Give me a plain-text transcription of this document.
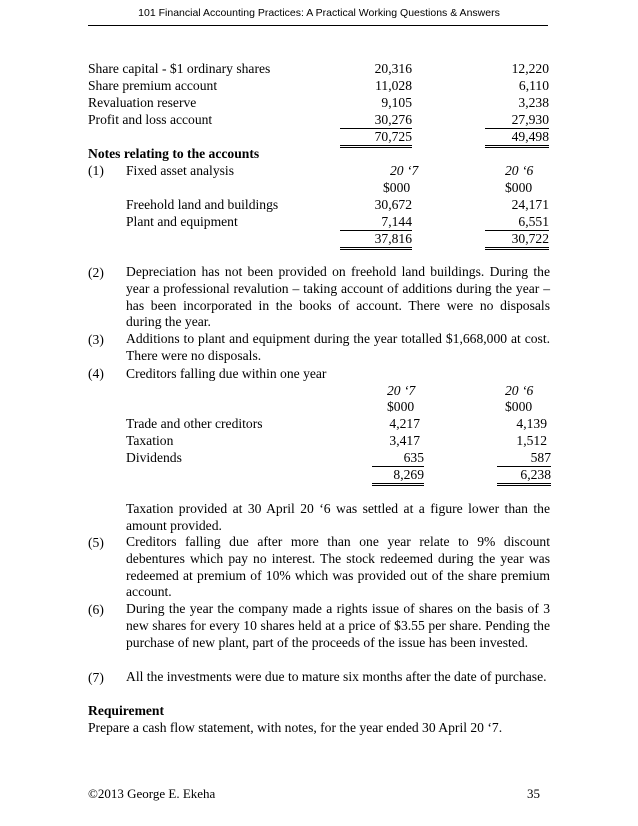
101 Financial Accounting Practices: A Practical Working Questions & Answers
Share capital - $1 ordinary shares	20,316	12,220
Share premium account	11,028	6,110
Revaluation reserve	9,105	3,238
Profit and loss account	30,276	27,930
70,725	49,498
Notes relating to the accounts
(1) Fixed asset analysis	20 ‘7	20 ‘6
$000	$000
Freehold land and buildings	30,672	24,171
Plant and equipment	7,144	6,551
37,816	30,722
(2) Depreciation has not been provided on freehold land buildings. During the year a professional revalution – taking account of additions during the year – has been incorporated in the books of account. There were no disposals during the year.
(3) Additions to plant and equipment during the year totalled $1,668,000 at cost. There were no disposals.
(4) Creditors falling due within one year
20 ‘7	20 ‘6
$000	$000
Trade and other creditors	4,217	4,139
Taxation	3,417	1,512
Dividends	635	587
8,269	6,238
Taxation provided at 30 April 20 ‘6 was settled at a figure lower than the amount provided.
(5) Creditors falling due after more than one year relate to 9% discount debentures which pay no interest. The stock redeemed during the year was redeemed at premium of 10% which was provided out of the share premium account.
(6) During the year the company made a rights issue of shares on the basis of 3 new shares for every 10 shares held at a price of $3.55 per share. Pending the purchase of new plant, part of the proceeds of the issue has been invested.
(7) All the investments were due to mature six months after the date of purchase.
Requirement
Prepare a cash flow statement, with notes, for the year ended 30 April 20 ‘7.
©2013 George E. Ekeha	35
